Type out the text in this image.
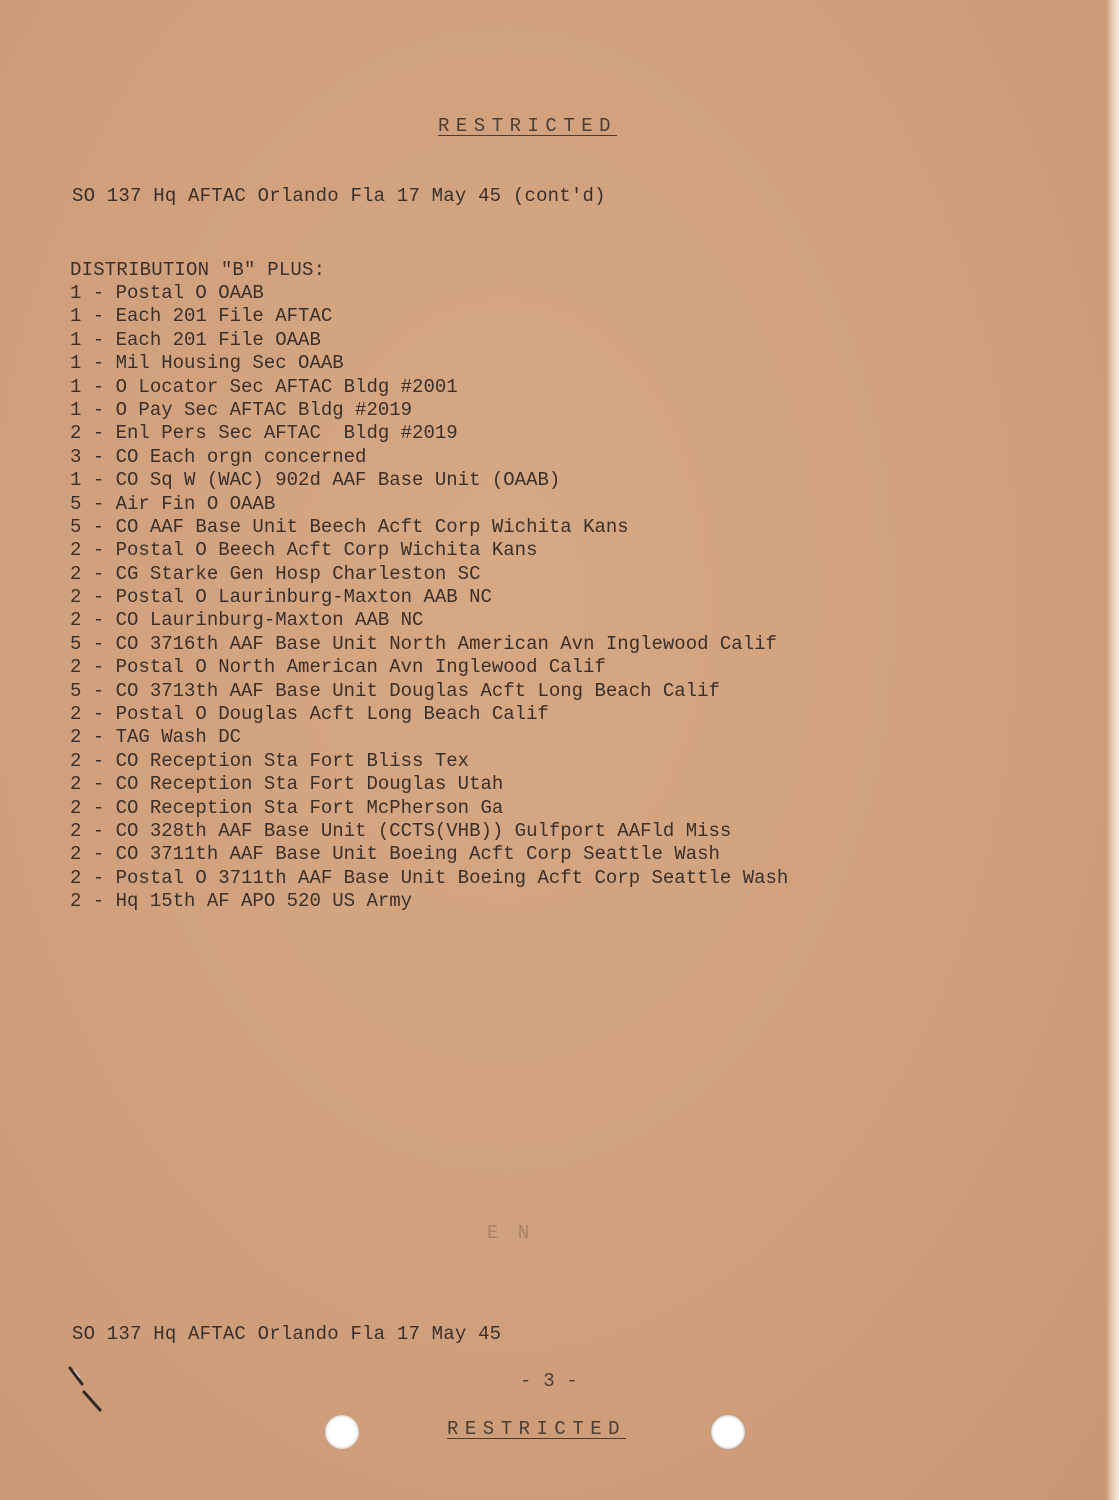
RESTRICTED
SO 137 Hq AFTAC Orlando Fla 17 May 45 (cont'd)
DISTRIBUTION "B" PLUS:
1 - Postal O OAAB
1 - Each 201 File AFTAC
1 - Each 201 File OAAB
1 - Mil Housing Sec OAAB
1 - O Locator Sec AFTAC Bldg #2001
1 - O Pay Sec AFTAC Bldg #2019
2 - Enl Pers Sec AFTAC  Bldg #2019
3 - CO Each orgn concerned
1 - CO Sq W (WAC) 902d AAF Base Unit (OAAB)
5 - Air Fin O OAAB
5 - CO AAF Base Unit Beech Acft Corp Wichita Kans
2 - Postal O Beech Acft Corp Wichita Kans
2 - CG Starke Gen Hosp Charleston SC
2 - Postal O Laurinburg-Maxton AAB NC
2 - CO Laurinburg-Maxton AAB NC
5 - CO 3716th AAF Base Unit North American Avn Inglewood Calif
2 - Postal O North American Avn Inglewood Calif
5 - CO 3713th AAF Base Unit Douglas Acft Long Beach Calif
2 - Postal O Douglas Acft Long Beach Calif
2 - TAG Wash DC
2 - CO Reception Sta Fort Bliss Tex
2 - CO Reception Sta Fort Douglas Utah
2 - CO Reception Sta Fort McPherson Ga
2 - CO 328th AAF Base Unit (CCTS(VHB)) Gulfport AAFld Miss
2 - CO 3711th AAF Base Unit Boeing Acft Corp Seattle Wash
2 - Postal O 3711th AAF Base Unit Boeing Acft Corp Seattle Wash
2 - Hq 15th AF APO 520 US Army
E N
SO 137 Hq AFTAC Orlando Fla 17 May 45
- 3 -
RESTRICTED
